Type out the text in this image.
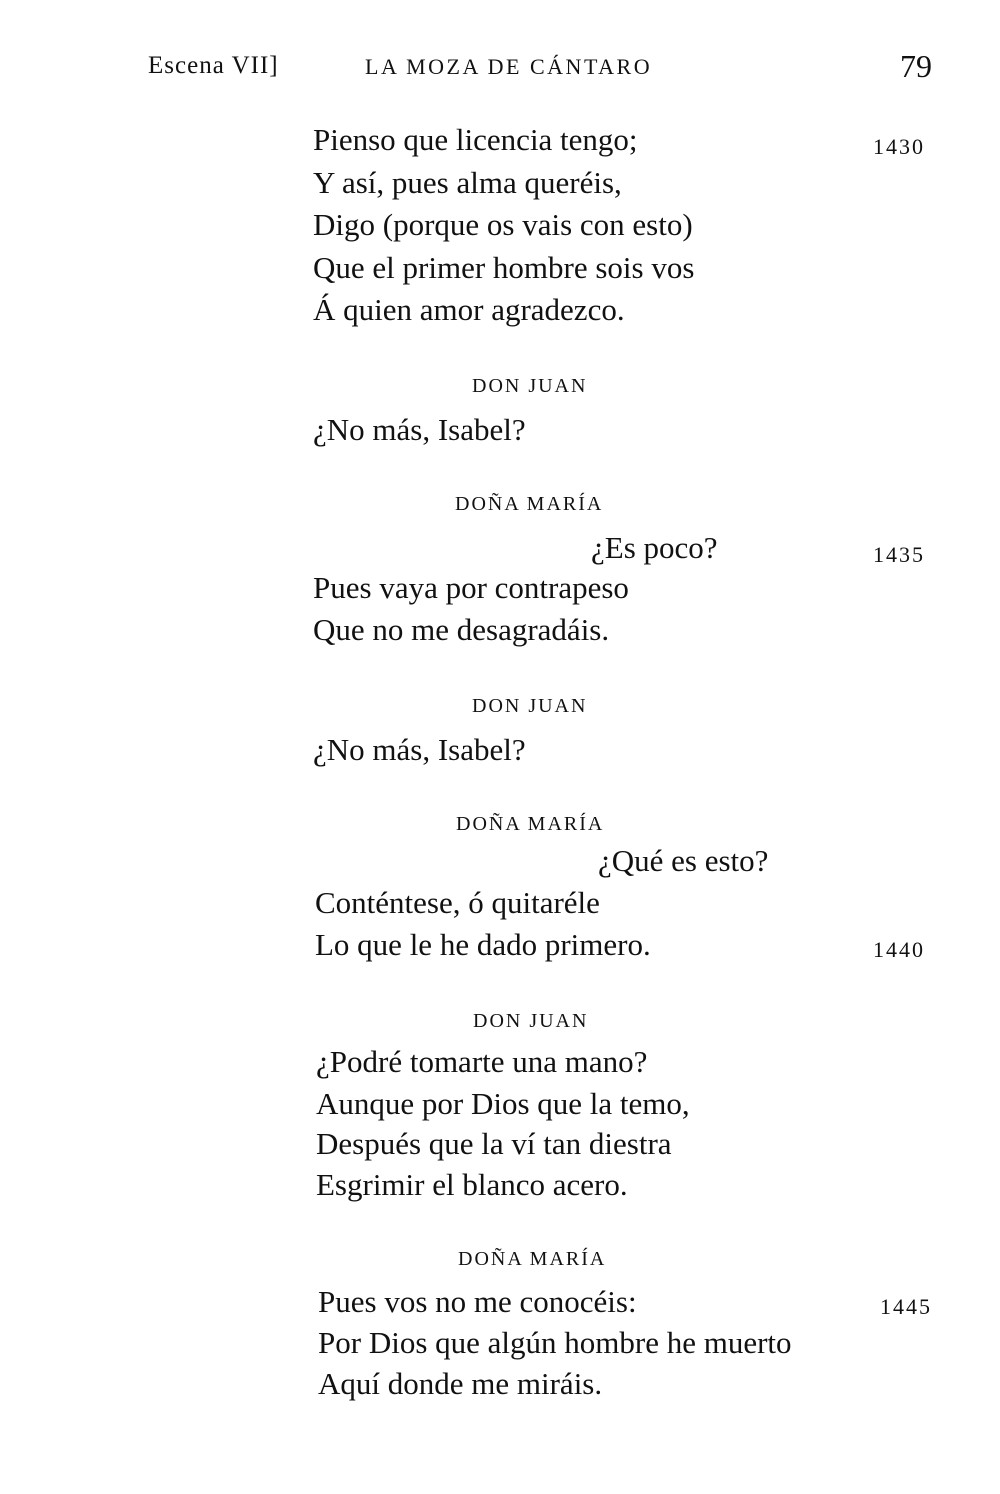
Escena VII]	LA MOZA DE CÁNTARO	79
Pienso que licencia tengo;	1430
Y así, pues alma queréis,
Digo (porque os vais con esto)
Que el primer hombre sois vos
Á quien amor agradezco.
DON JUAN
¿No más, Isabel?
DOÑA MARÍA
¿Es poco?	1435
Pues vaya por contrapeso
Que no me desagradáis.
DON JUAN
¿No más, Isabel?
DOÑA MARÍA
¿Qué es esto?
Conténtese, ó quitaréle
Lo que le he dado primero.	1440
DON JUAN
¿Podré tomarte una mano?
Aunque por Dios que la temo,
Después que la ví tan diestra
Esgrimir el blanco acero.
DOÑA MARÍA
Pues vos no me conocéis:	1445
Por Dios que algún hombre he muerto
Aquí donde me miráis.
